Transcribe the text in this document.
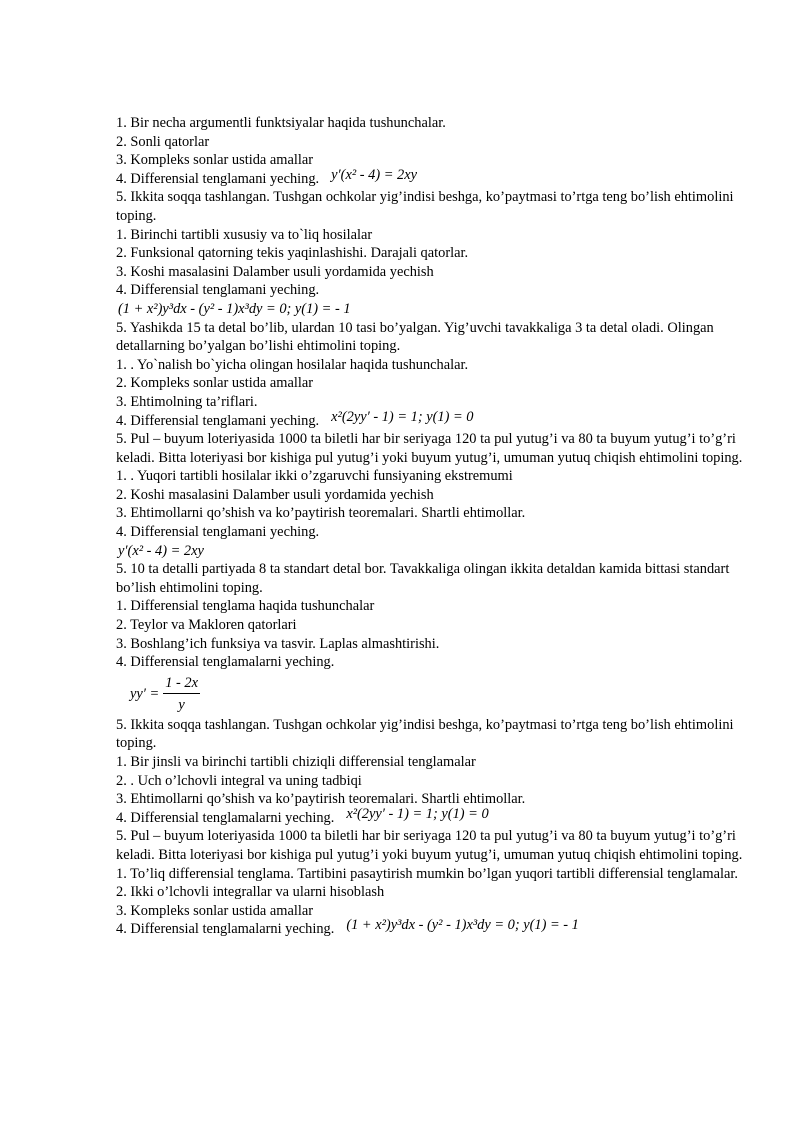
1. Bir necha argumentli funktsiyalar haqida tushunchalar.
2. Sonli qatorlar
3. Kompleks sonlar ustida amallar
4. Differensial tenglamani yeching. y′(x² - 4) = 2xy
5. Ikkita soqqa tashlangan. Tushgan ochkolar yig’indisi beshga, ko’paytmasi to’rtga teng bo’lish ehtimolini toping.
1. Birinchi tartibli xususiy va to`liq hosilalar
2. Funksional qatorning tekis yaqinlashishi. Darajali qatorlar.
3. Koshi masalasini Dalamber usuli yordamida yechish
4. Differensial tenglamani yeching.
(1 + x²)y³dx - (y² - 1)x³dy = 0; y(1) = - 1
5. Yashikda 15 ta detal bo’lib, ulardan 10 tasi bo’yalgan. Yig’uvchi tavakkaliga 3 ta detal oladi. Olingan detallarning bo’yalgan bo’lishi ehtimolini toping.
1. . Yo`nalish bo`yicha olingan hosilalar haqida tushunchalar.
2. Kompleks sonlar ustida amallar
3. Ehtimolning ta’riflari.
4. Differensial tenglamani yeching. x²(2yy′ - 1) = 1; y(1) = 0
5. Pul – buyum loteriyasida 1000 ta biletli har bir seriyaga 120 ta pul yutug’i va 80 ta buyum yutug’i to’g’ri keladi. Bitta loteriyasi bor kishiga pul yutug’i yoki buyum yutug’i, umuman yutuq chiqish ehtimolini toping.
1. . Yuqori tartibli hosilalar ikki o’zgaruvchi funsiyaning ekstremumi
2. Koshi masalasini Dalamber usuli yordamida yechish
3. Ehtimollarni qo’shish va ko’paytirish teoremalari. Shartli ehtimollar.
4. Differensial tenglamani yeching.
y′(x² - 4) = 2xy
5. 10 ta detalli partiyada 8 ta standart detal bor. Tavakkaliga olingan ikkita detaldan kamida bittasi standart bo’lish ehtimolini toping.
1. Differensial tenglama haqida tushunchalar
2. Teylor va Makloren qatorlari
3. Boshlang’ich funksiya va tasvir. Laplas almashtirishi.
4. Differensial tenglamalarni yeching.
$yy' = \frac{1 - 2x}{y}$
5. Ikkita soqqa tashlangan. Tushgan ochkolar yig’indisi beshga, ko’paytmasi to’rtga teng bo’lish ehtimolini toping.
1. Bir jinsli va birinchi tartibli chiziqli differensial tenglamalar
2. . Uch o’lchovli integral va uning tadbiqi
3. Ehtimollarni qo’shish va ko’paytirish teoremalari. Shartli ehtimollar.
4. Differensial tenglamalarni yeching. x²(2yy′ - 1) = 1; y(1) = 0
5. Pul – buyum loteriyasida 1000 ta biletli har bir seriyaga 120 ta pul yutug’i va 80 ta buyum yutug’i to’g’ri keladi. Bitta loteriyasi bor kishiga pul yutug’i yoki buyum yutug’i, umuman yutuq chiqish ehtimolini toping.
1. To’liq differensial tenglama. Tartibini pasaytirish mumkin bo’lgan yuqori tartibli differensial tenglamalar.
2. Ikki o’lchovli integrallar va ularni hisoblash
3. Kompleks sonlar ustida amallar
4. Differensial tenglamalarni yeching. (1 + x²)y³dx - (y² - 1)x³dy = 0; y(1) = - 1
